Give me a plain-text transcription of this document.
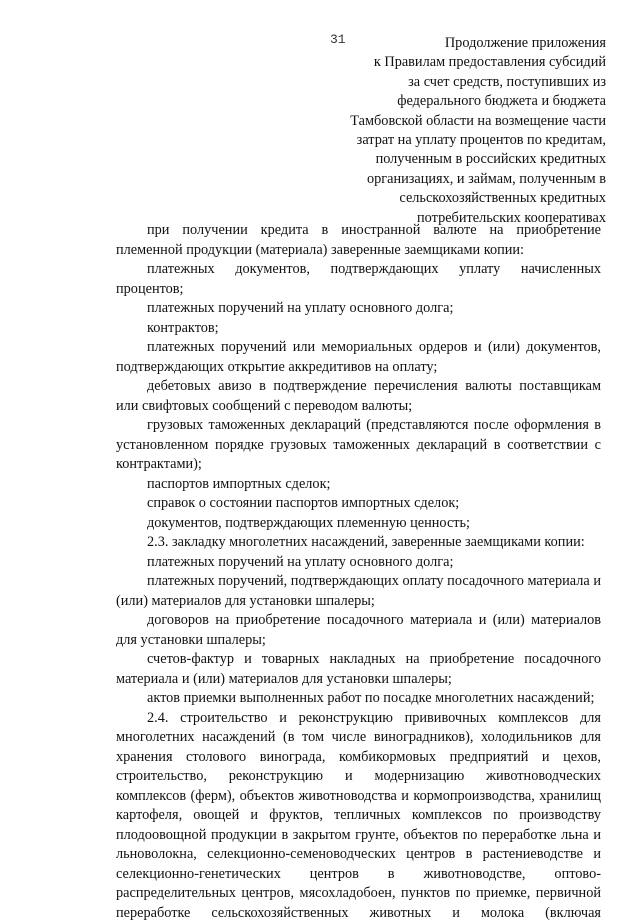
31	Продолжение приложения
к Правилам предоставления субсидий
за счет средств, поступивших из
федерального бюджета и бюджета
Тамбовской области на возмещение части
затрат на уплату процентов по кредитам,
полученным в российских кредитных
организациях, и займам, полученным в
сельскохозяйственных кредитных
потребительских кооперативах

при получении кредита в иностранной валюте на приобретение племенной продукции (материала) заверенные заемщиками копии:

платежных документов, подтверждающих уплату начисленных процентов;

платежных поручений на уплату основного долга;

контрактов;

платежных поручений или мемориальных ордеров и (или) документов, подтверждающих открытие аккредитивов на оплату;

дебетовых авизо в подтверждение перечисления валюты поставщикам или свифтовых сообщений с переводом валюты;

грузовых таможенных деклараций (представляются после оформления в установленном порядке грузовых таможенных деклараций в соответствии с контрактами);

паспортов импортных сделок;

справок о состоянии паспортов импортных сделок;

документов, подтверждающих племенную ценность;

2.3. закладку многолетних насаждений, заверенные заемщиками копии:

платежных поручений на уплату основного долга;

платежных поручений, подтверждающих оплату посадочного материала и (или) материалов для установки шпалеры;

договоров на приобретение посадочного материала и (или) материалов для установки шпалеры;

счетов-фактур и товарных накладных на приобретение посадочного материала и (или) материалов для установки шпалеры;

актов приемки выполненных работ по посадке многолетних насаждений;

2.4. строительство и реконструкцию прививочных комплексов для многолетних насаждений (в том числе виноградников), холодильников для хранения столового винограда, комбикормовых предприятий и цехов, строительство, реконструкцию и модернизацию животноводческих комплексов (ферм), объектов животноводства и кормопроизводства, хранилищ картофеля, овощей и фруктов, тепличных комплексов по производству плодоовощной продукции в закрытом грунте, объектов по переработке льна и льноволокна, селекционно-семеноводческих центров в растениеводстве и селекционно-генетических центров в животноводстве, оптово-распределительных центров, мясохладобоен, пунктов по приемке, первичной переработке сельскохозяйственных животных и молока (включая
